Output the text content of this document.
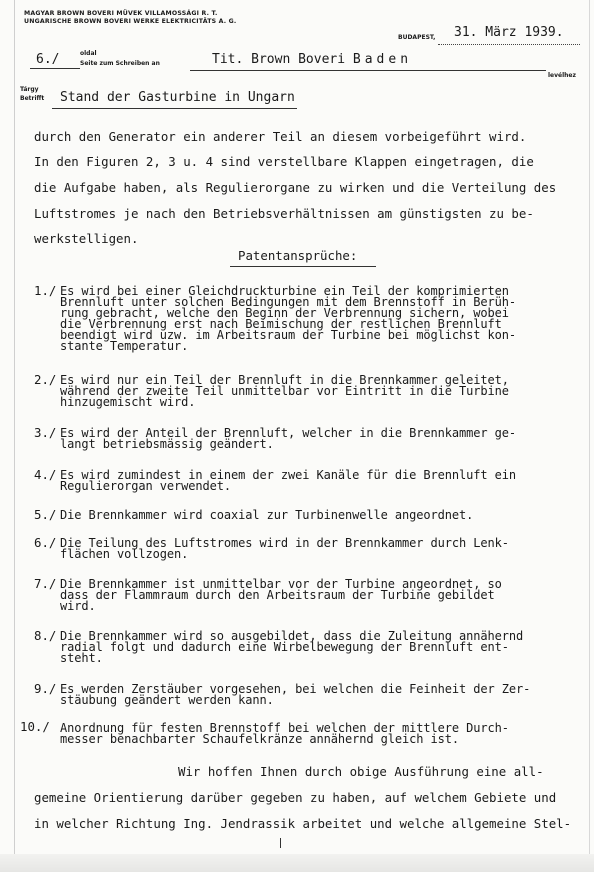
MAGYAR BROWN BOVERI MÜVEK VILLAMOSSÁGI R. T.
UNGARISCHE BROWN BOVERI WERKE ELEKTRICITÄTS A. G.
BUDAPEST, 31. März 1939.
6./	oldal
Seite zum Schreiben an	Tit. Brown Boveri Baden
levélhez
Tárgy
Betrifft Stand der Gasturbine in Ungarn
durch den Generator ein anderer Teil an diesem vorbeigeführt wird.
In den Figuren 2, 3 u. 4 sind verstellbare Klappen eingetragen, die
die Aufgabe haben, als Regulierorgane zu wirken und die Verteilung des
Luftstromes je nach den Betriebsverhältnissen am günstigsten zu be-
werkstelligen.
Patentansprüche:
1./ Es wird bei einer Gleichdruckturbine ein Teil der komprimierten
Brennluft unter solchen Bedingungen mit dem Brennstoff in Berüh-
rung gebracht, welche den Beginn der Verbrennung sichern, wobei
die Verbrennung erst nach Beimischung der restlichen Brennluft
beendigt wird uzw. im Arbeitsraum der Turbine bei möglichst kon-
stante Temperatur.
2./ Es wird nur ein Teil der Brennluft in die Brennkammer geleitet,
während der zweite Teil unmittelbar vor Eintritt in die Turbine
hinzugemischt wird.
3./ Es wird der Anteil der Brennluft, welcher in die Brennkammer ge-
langt betriebsmässig geändert.
4./ Es wird zumindest in einem der zwei Kanäle für die Brennluft ein
Regulierorgan verwendet.
5./ Die Brennkammer wird coaxial zur Turbinenwelle angeordnet.
6./ Die Teilung des Luftstromes wird in der Brennkammer durch Lenk-
flächen vollzogen.
7./ Die Brennkammer ist unmittelbar vor der Turbine angeordnet, so
dass der Flammraum durch den Arbeitsraum der Turbine gebildet
wird.
8./ Die Brennkammer wird so ausgebildet, dass die Zuleitung annähernd
radial folgt und dadurch eine Wirbelbewegung der Brennluft ent-
steht.
9./ Es werden Zerstäuber vorgesehen, bei welchen die Feinheit der Zer-
stäubung geändert werden kann.
10./ Anordnung für festen Brennstoff bei welchen der mittlere Durch-
messer benachbarter Schaufelkränze annähernd gleich ist.
Wir hoffen Ihnen durch obige Ausführung eine all-
gemeine Orientierung darüber gegeben zu haben, auf welchem Gebiete und
in welcher Richtung Ing. Jendrassik arbeitet und welche allgemeine Stel-
